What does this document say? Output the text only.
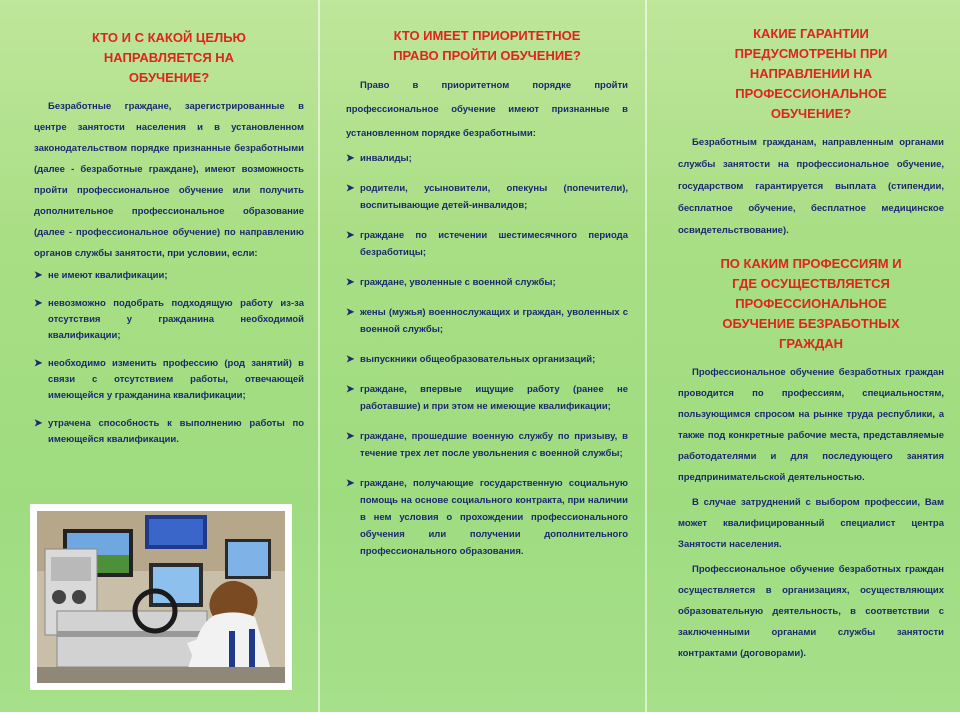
КТО И С КАКОЙ ЦЕЛЬЮ НАПРАВЛЯЕТСЯ НА ОБУЧЕНИЕ?
Безработные граждане, зарегистрированные в центре занятости населения и в установленном законодательством порядке признанные безработными (далее - безработные граждане), имеют возможность пройти профессиональное обучение или получить дополнительное профессиональное образование (далее - профессиональное обучение) по направлению органов службы занятости, при условии, если:
➤ не имеют квалификации;
➤ невозможно подобрать подходящую работу из-за отсутствия у гражданина необходимой квалификации;
➤ необходимо изменить профессию (род занятий) в связи с отсутствием работы, отвечающей имеющейся у гражданина квалификации;
➤ утрачена способность к выполнению работы по имеющейся квалификации.
КТО ИМЕЕТ ПРИОРИТЕТНОЕ ПРАВО ПРОЙТИ ОБУЧЕНИЕ?
Право в приоритетном порядке пройти профессиональное обучение имеют признанные в установленном порядке безработными:
➤ инвалиды;
➤ родители, усыновители, опекуны (попечители), воспитывающие детей-инвалидов;
➤ граждане по истечении шестимесячного периода безработицы;
➤ граждане, уволенные с военной службы;
➤ жены (мужья) военнослужащих и граждан, уволенных с военной службы;
➤ выпускники общеобразовательных организаций;
➤ граждане, впервые ищущие работу (ранее не работавшие) и при этом не имеющие квалификации;
➤ граждане, прошедшие военную службу по призыву, в течение трех лет после увольнения с военной службы;
➤ граждане, получающие государственную социальную помощь на основе социального контракта, при наличии в нем условия о прохождении профессионального обучения или получении дополнительного профессионального образования.
КАКИЕ ГАРАНТИИ ПРЕДУСМОТРЕНЫ ПРИ НАПРАВЛЕНИИ НА ПРОФЕССИОНАЛЬНОЕ ОБУЧЕНИЕ?
Безработным гражданам, направленным органами службы занятости на профессиональное обучение, государством гарантируется выплата (стипендии, бесплатное обучение, бесплатное медицинское освидетельствование).
ПО КАКИМ ПРОФЕССИЯМ И ГДЕ ОСУЩЕСТВЛЯЕТСЯ ПРОФЕССИОНАЛЬНОЕ ОБУЧЕНИЕ БЕЗРАБОТНЫХ ГРАЖДАН
Профессиональное обучение безработных граждан проводится по профессиям, специальностям, пользующимся спросом на рынке труда республики, а также под конкретные рабочие места, представляемые работодателями и для последующего занятия предпринимательской деятельностью.
В случае затруднений с выбором профессии, Вам может квалифицированный специалист центра Занятости населения.
Профессиональное обучение безработных граждан осуществляется в организациях, осуществляющих образовательную деятельность, в соответствии с заключенными органами службы занятости контрактами (договорами).
